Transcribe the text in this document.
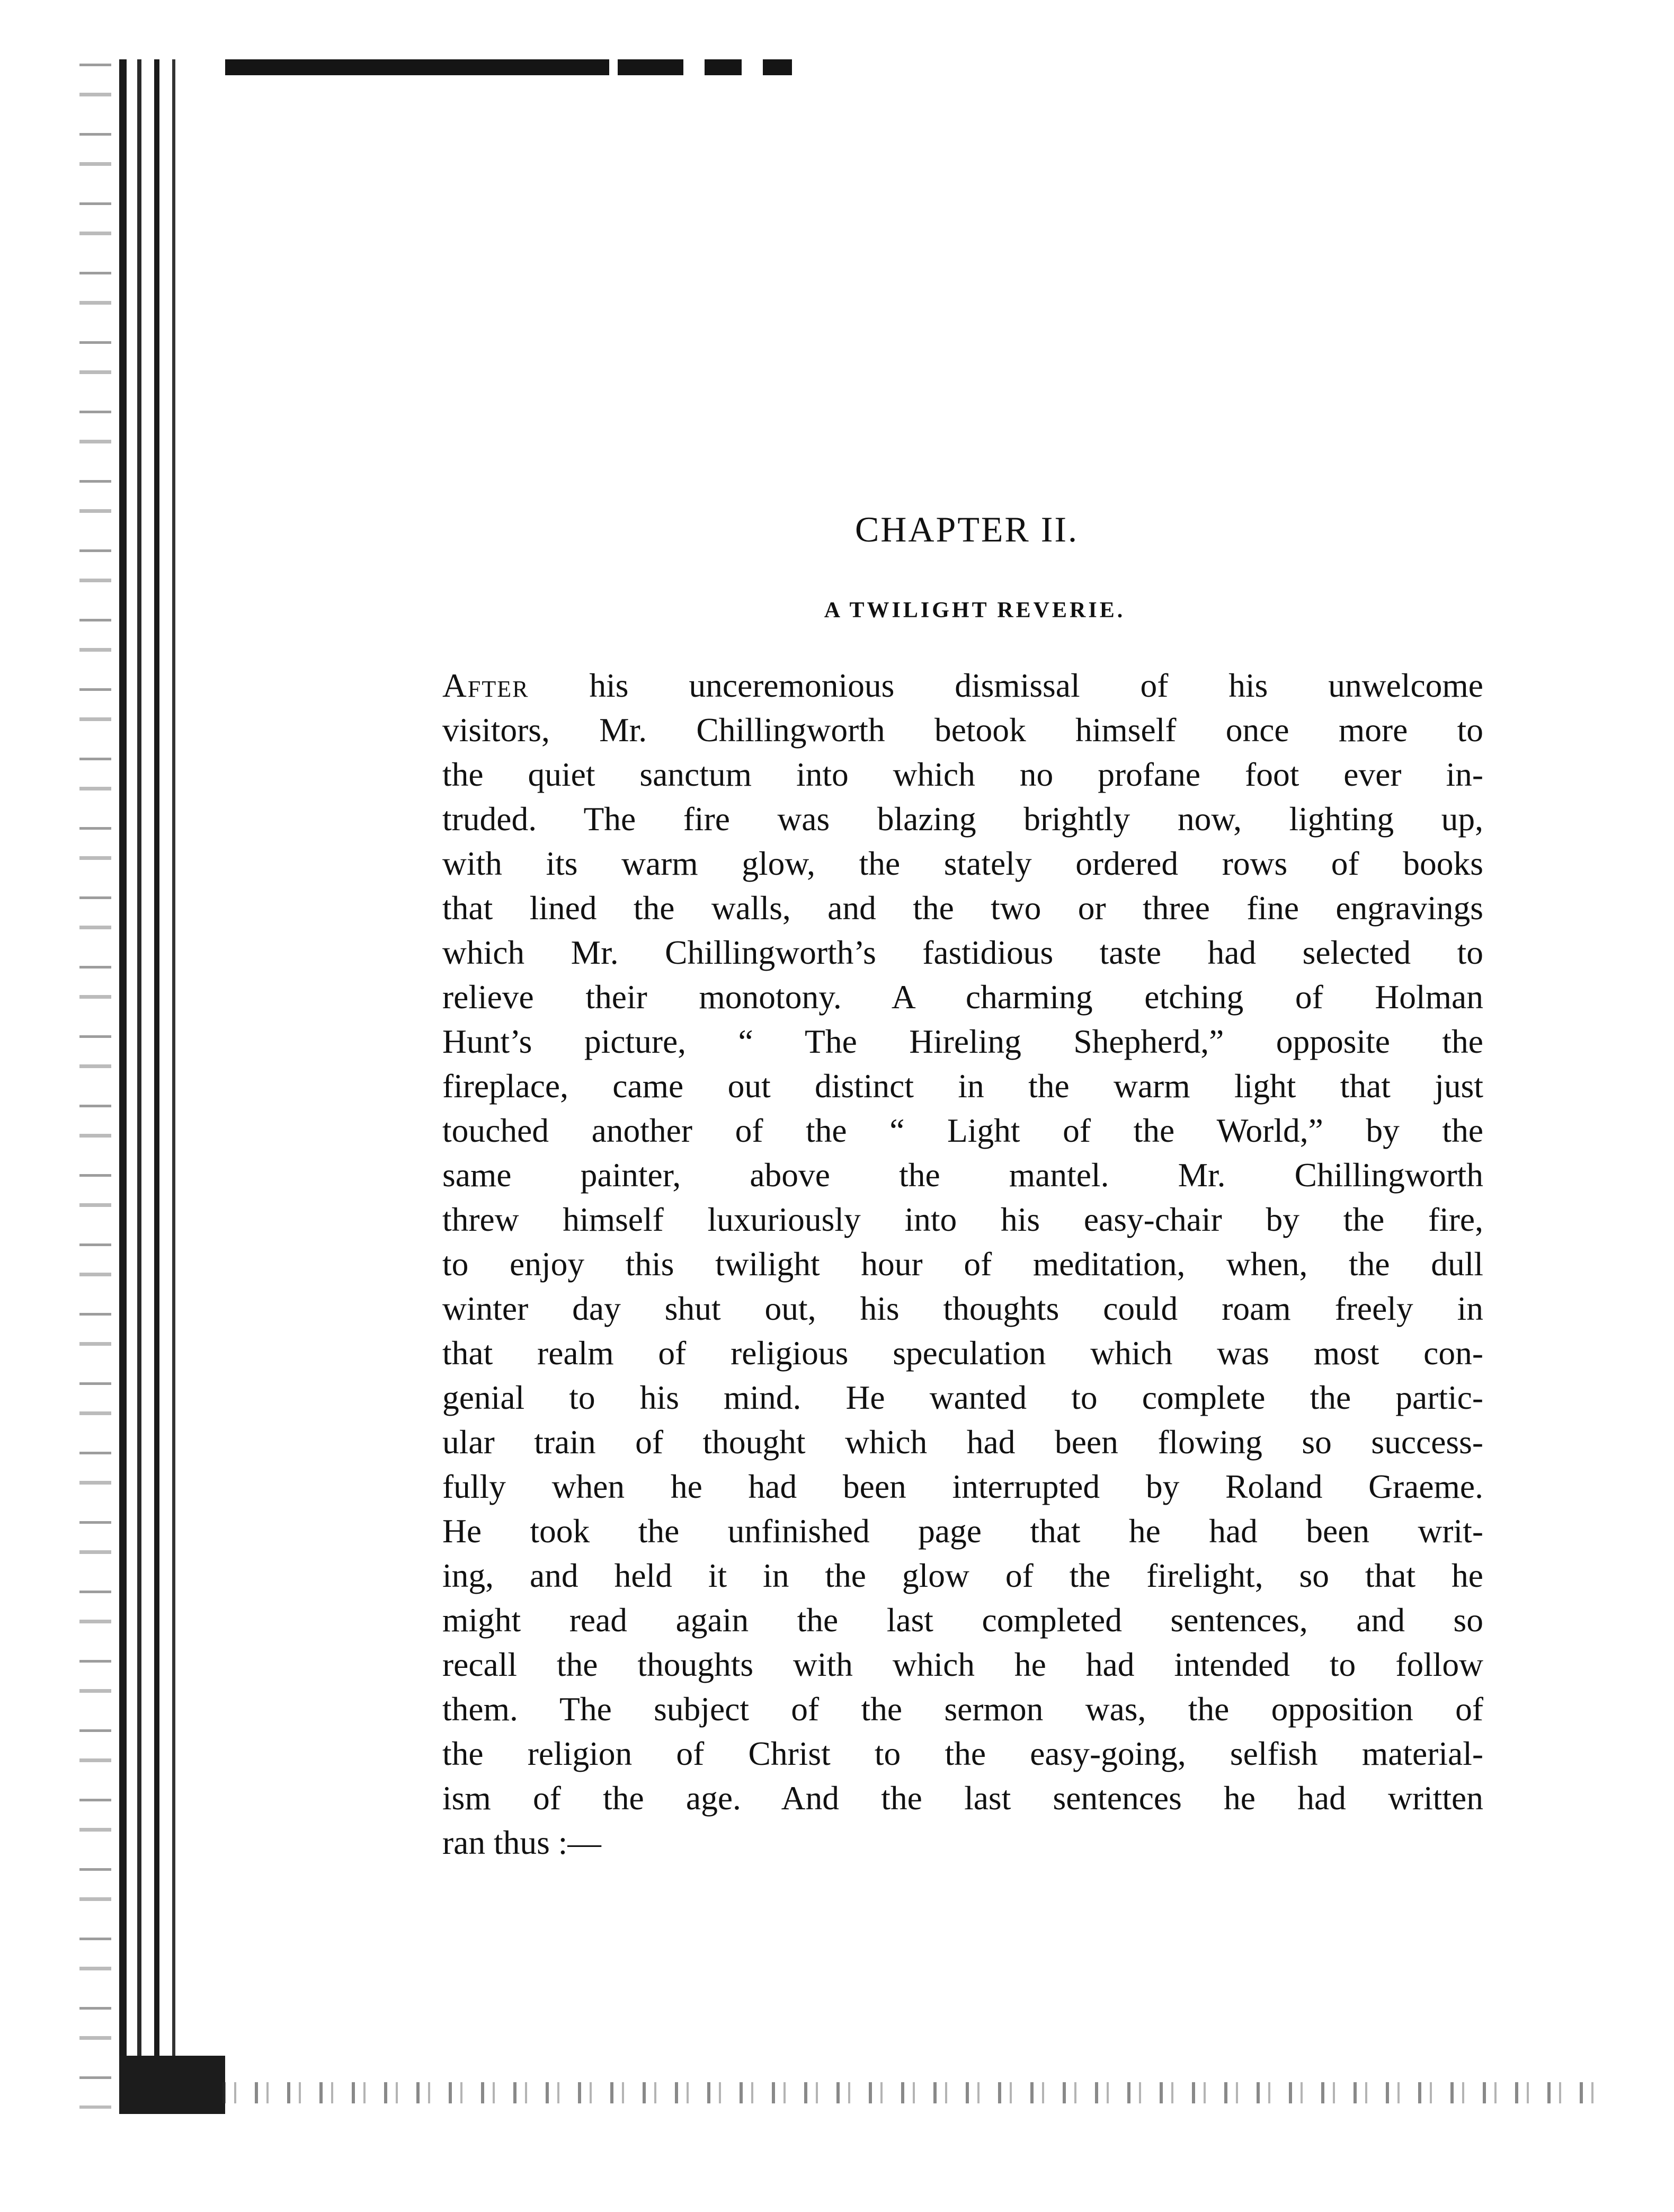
CHAPTER II.
A TWILIGHT REVERIE.
After his unceremonious dismissal of his unwelcome
visitors, Mr. Chillingworth betook himself once more to
the quiet sanctum into which no profane foot ever in-
truded. The fire was blazing brightly now, lighting up,
with its warm glow, the stately ordered rows of books
that lined the walls, and the two or three fine engravings
which Mr. Chillingworth’s fastidious taste had selected to
relieve their monotony. A charming etching of Holman
Hunt’s picture, “ The Hireling Shepherd,” opposite the
fireplace, came out distinct in the warm light that just
touched another of the “ Light of the World,” by the
same painter, above the mantel. Mr. Chillingworth
threw himself luxuriously into his easy-chair by the fire,
to enjoy this twilight hour of meditation, when, the dull
winter day shut out, his thoughts could roam freely in
that realm of religious speculation which was most con-
genial to his mind. He wanted to complete the partic-
ular train of thought which had been flowing so success-
fully when he had been interrupted by Roland Graeme.
He took the unfinished page that he had been writ-
ing, and held it in the glow of the firelight, so that he
might read again the last completed sentences, and so
recall the thoughts with which he had intended to follow
them. The subject of the sermon was, the opposition of
the religion of Christ to the easy-going, selfish material-
ism of the age. And the last sentences he had written
ran thus :—
